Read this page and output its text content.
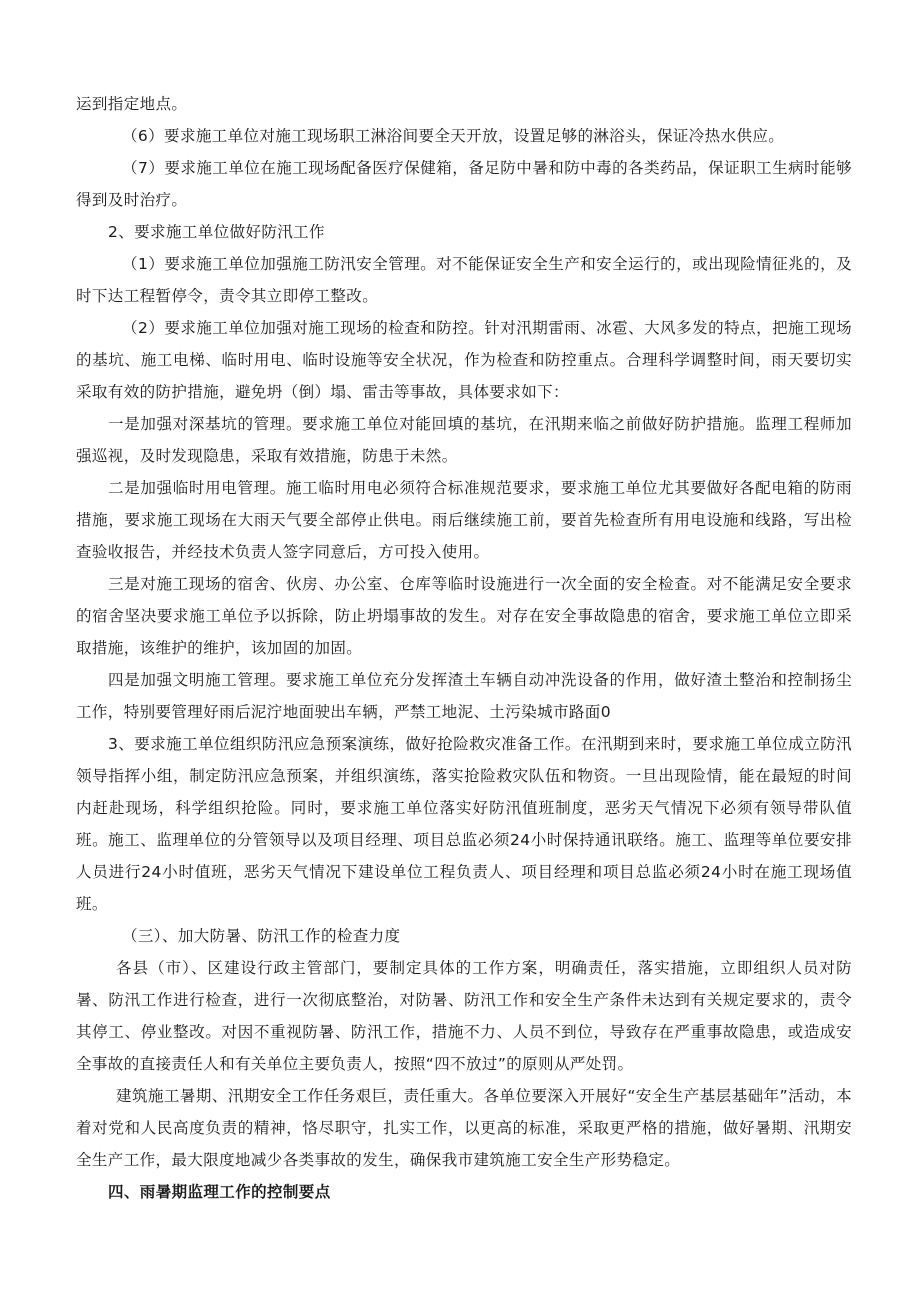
运到指定地点。

（6）要求施工单位对施工现场职工淋浴间要全天开放，设置足够的淋浴头，保证冷热水供应。

（7）要求施工单位在施工现场配备医疗保健箱，备足防中暑和防中毒的各类药品，保证职工生病时能够得到及时治疗。

2、要求施工单位做好防汛工作

（1）要求施工单位加强施工防汛安全管理。对不能保证安全生产和安全运行的，或出现险情征兆的，及时下达工程暂停令，责令其立即停工整改。

（2）要求施工单位加强对施工现场的检查和防控。针对汛期雷雨、冰雹、大风多发的特点，把施工现场的基坑、施工电梯、临时用电、临时设施等安全状况，作为检查和防控重点。合理科学调整时间，雨天要切实采取有效的防护措施，避免坍（倒）塌、雷击等事故，具体要求如下：

一是加强对深基坑的管理。要求施工单位对能回填的基坑，在汛期来临之前做好防护措施。监理工程师加强巡视，及时发现隐患，采取有效措施，防患于未然。

二是加强临时用电管理。施工临时用电必须符合标准规范要求，要求施工单位尤其要做好各配电箱的防雨措施，要求施工现场在大雨天气要全部停止供电。雨后继续施工前，要首先检查所有用电设施和线路，写出检查验收报告，并经技术负责人签字同意后，方可投入使用。

三是对施工现场的宿舍、伙房、办公室、仓库等临时设施进行一次全面的安全检查。对不能满足安全要求的宿舍坚决要求施工单位予以拆除，防止坍塌事故的发生。对存在安全事故隐患的宿舍，要求施工单位立即采取措施，该维护的维护，该加固的加固。

四是加强文明施工管理。要求施工单位充分发挥渣土车辆自动冲洗设备的作用，做好渣土整治和控制扬尘工作，特别要管理好雨后泥泞地面驶出车辆，严禁工地泥、土污染城市路面0

3、要求施工单位组织防汛应急预案演练，做好抢险救灾准备工作。在汛期到来时，要求施工单位成立防汛领导指挥小组，制定防汛应急预案，并组织演练，落实抢险救灾队伍和物资。一旦出现险情，能在最短的时间内赶赴现场，科学组织抢险。同时，要求施工单位落实好防汛值班制度，恶劣天气情况下必须有领导带队值班。施工、监理单位的分管领导以及项目经理、项目总监必须24小时保持通讯联络。施工、监理等单位要安排人员进行24小时值班，恶劣天气情况下建设单位工程负责人、项目经理和项目总监必须24小时在施工现场值班。

（三）、加大防暑、防汛工作的检查力度

各县（市）、区建设行政主管部门，要制定具体的工作方案，明确责任，落实措施，立即组织人员对防暑、防汛工作进行检查，进行一次彻底整治，对防暑、防汛工作和安全生产条件未达到有关规定要求的，责令其停工、停业整改。对因不重视防暑、防汛工作，措施不力、人员不到位，导致存在严重事故隐患，或造成安全事故的直接责任人和有关单位主要负责人，按照“四不放过”的原则从严处罚。

建筑施工暑期、汛期安全工作任务艰巨，责任重大。各单位要深入开展好“安全生产基层基础年”活动，本着对党和人民高度负责的精神，恪尽职守，扎实工作，以更高的标准，采取更严格的措施，做好暑期、汛期安全生产工作，最大限度地减少各类事故的发生，确保我市建筑施工安全生产形势稳定。

四、雨暑期监理工作的控制要点
